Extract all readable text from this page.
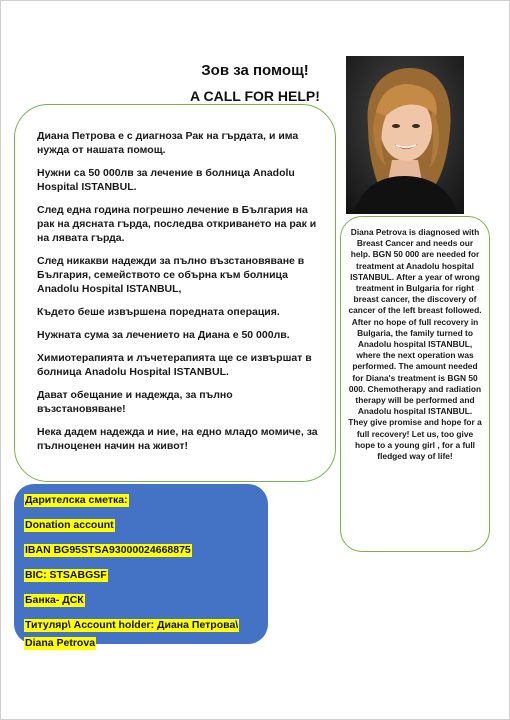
Зов за помощ!
A CALL FOR HELP!

Диана Петрова е с диагноза Рак на гърдата, и има нужда от нашата помощ.

Нужни са 50 000лв за лечение в болница Anadolu Hospital ISTANBUL.

След една година погрешно лечение в България на рак на дясната гърда, последва откриването на рак и на лявата гърда.

След никакви надежди за пълно възстановяване в България, семейството се обърна към болница Anadolu Hospital ISTANBUL,

Където беше извършена поредната операция.

Нужната сума за лечението на Диана е 50 000лв.

Химиотерапията и лъчетерапията ще се извършат в болница Anadolu Hospital ISTANBUL.

Дават обещание и надежда, за пълно възстановяване!

Нека дадем надежда и ние, на едно младо момиче, за пълноценен начин на живот!

Diana Petrova is diagnosed with Breast Cancer and needs our help. BGN 50 000 are needed for treatment at Anadolu hospital ISTANBUL. After a year of wrong treatment in Bulgaria for right breast cancer, the discovery of cancer of the left breast followed. After no hope of full recovery in Bulgaria, the family turned to Anadolu hospital ISTANBUL, where the next operation was performed. The amount needed for Diana's treatment is BGN 50 000. Chemotherapy and radiation therapy will be performed and Anadolu hospital ISTANBUL. They give promise and hope for a full recovery! Let us, too give hope to a young girl , for a full fledged way of life!

Дарителска сметка:
Donation account
IBAN BG95STSA93000024668875
BIC: STSABGSF
Банка- ДСК
Титуляр\ Account holder: Диана Петрова\
Diana Petrova
